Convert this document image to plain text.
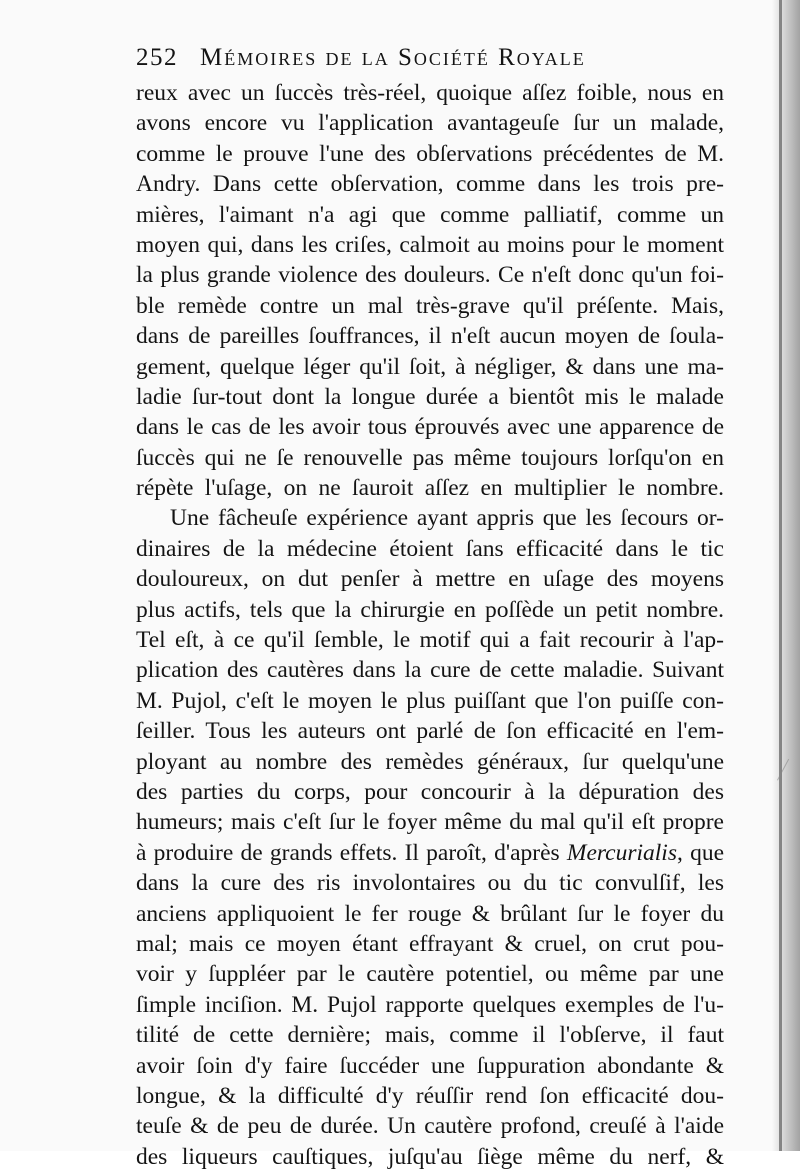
252 Mémoires de la Société Royale
reux avec un ſuccès très-réel, quoique aſſez foible, nous en
avons encore vu l'application avantageuſe ſur un malade,
comme le prouve l'une des obſervations précédentes de M.
Andry. Dans cette obſervation, comme dans les trois pre-
mières, l'aimant n'a agi que comme palliatif, comme un
moyen qui, dans les criſes, calmoit au moins pour le moment
la plus grande violence des douleurs. Ce n'eſt donc qu'un foi-
ble remède contre un mal très-grave qu'il préſente. Mais,
dans de pareilles ſouffrances, il n'eſt aucun moyen de ſoula-
gement, quelque léger qu'il ſoit, à négliger, & dans une ma-
ladie ſur-tout dont la longue durée a bientôt mis le malade
dans le cas de les avoir tous éprouvés avec une apparence de
ſuccès qui ne ſe renouvelle pas même toujours lorſqu'on en
répète l'uſage, on ne ſauroit aſſez en multiplier le nombre.
Une fâcheuſe expérience ayant appris que les ſecours or-
dinaires de la médecine étoient ſans efficacité dans le tic
douloureux, on dut penſer à mettre en uſage des moyens
plus actifs, tels que la chirurgie en poſſède un petit nombre.
Tel eſt, à ce qu'il ſemble, le motif qui a fait recourir à l'ap-
plication des cautères dans la cure de cette maladie. Suivant
M. Pujol, c'eſt le moyen le plus puiſſant que l'on puiſſe con-
ſeiller. Tous les auteurs ont parlé de ſon efficacité en l'em-
ployant au nombre des remèdes généraux, ſur quelqu'une
des parties du corps, pour concourir à la dépuration des
humeurs; mais c'eſt ſur le foyer même du mal qu'il eſt propre
à produire de grands effets. Il paroît, d'après Mercurialis, que
dans la cure des ris involontaires ou du tic convulſif, les
anciens appliquoient le fer rouge & brûlant ſur le foyer du
mal; mais ce moyen étant effrayant & cruel, on crut pou-
voir y ſuppléer par le cautère potentiel, ou même par une
ſimple inciſion. M. Pujol rapporte quelques exemples de l'u-
tilité de cette dernière; mais, comme il l'obſerve, il faut
avoir ſoin d'y faire ſuccéder une ſuppuration abondante &
longue, & la difficulté d'y réuſſir rend ſon efficacité dou-
teuſe & de peu de durée. Un cautère profond, creuſé à l'aide
des liqueurs cauſtiques, juſqu'au ſiège même du nerf, &
